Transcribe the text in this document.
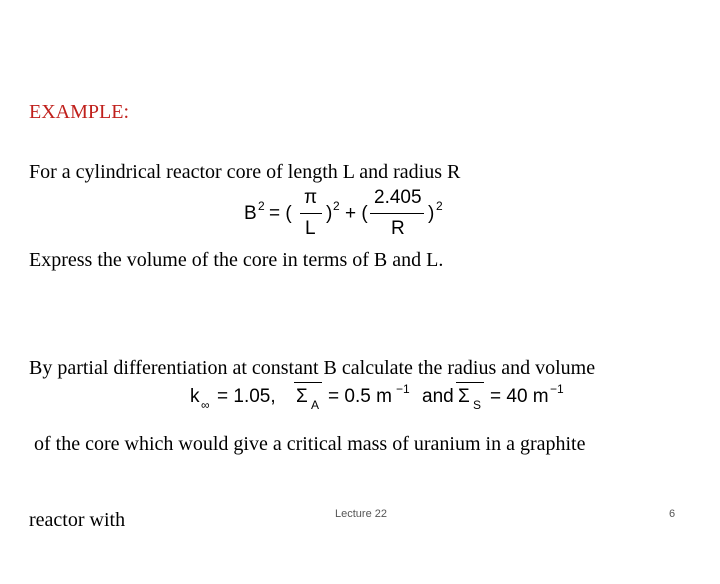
EXAMPLE:
For a cylindrical reactor core of length L and radius R
B 2 = (
π
L
) 2 + (
2.405
R
) 2
Express the volume of the core in terms of B and L.

By partial differentiation at constant B calculate the radius and volume

of the core which would give a critical mass of uranium in a graphite

reactor with

k ∞ = 1.05, Σ A = 0.5 m −1 and Σ S = 40 m −1
Lecture 22	6
